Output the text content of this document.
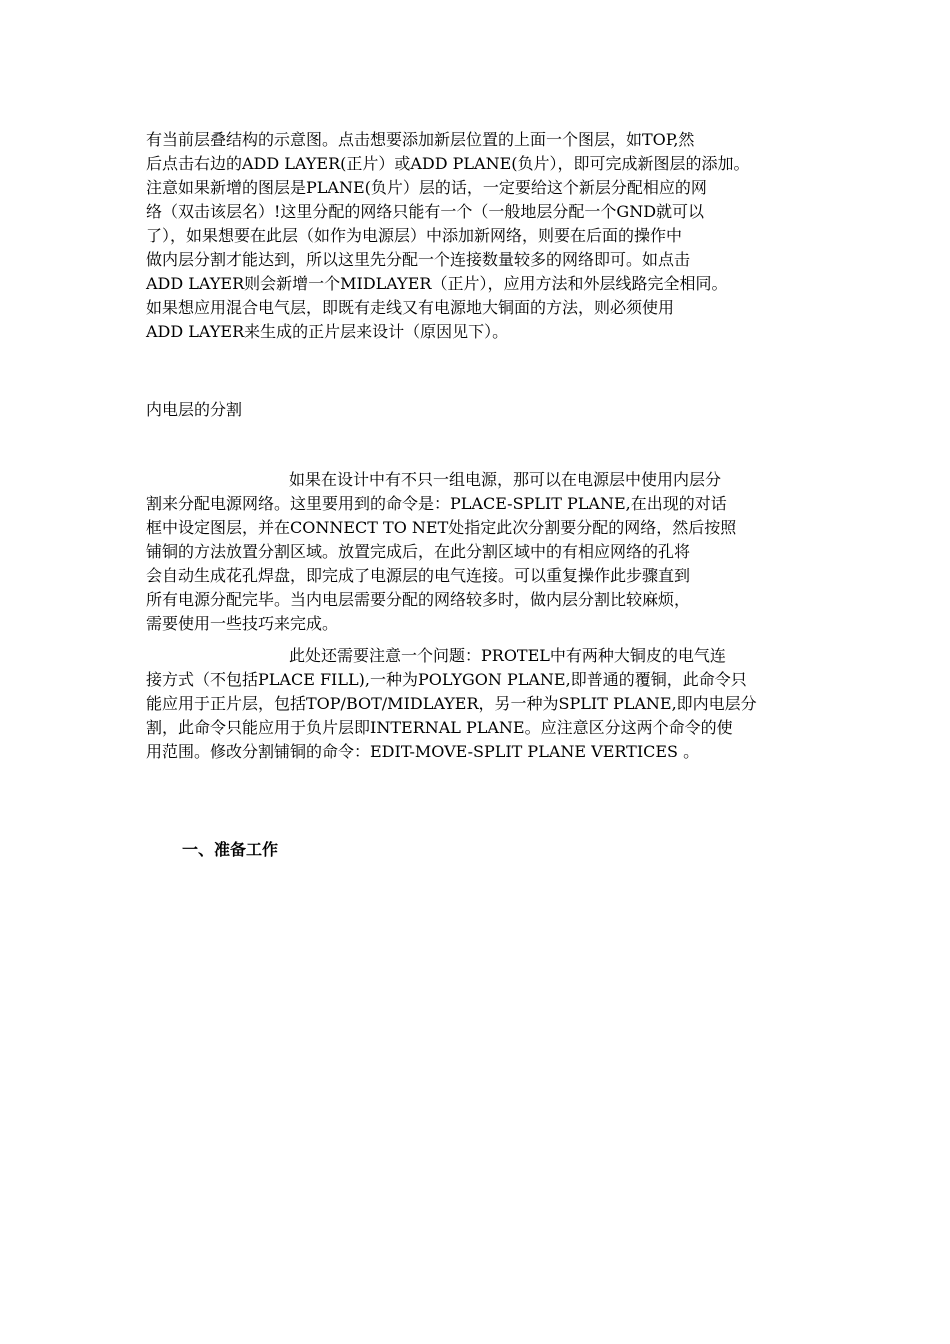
有当前层叠结构的示意图。点击想要添加新层位置的上面一个图层，如TOP,然
后点击右边的ADD LAYER(正片）或ADD PLANE(负片），即可完成新图层的添加。
注意如果新增的图层是PLANE(负片）层的话，一定要给这个新层分配相应的网
络（双击该层名）!这里分配的网络只能有一个（一般地层分配一个GND就可以
了），如果想要在此层（如作为电源层）中添加新网络，则要在后面的操作中
做内层分割才能达到，所以这里先分配一个连接数量较多的网络即可。如点击
ADD LAYER则会新增一个MIDLAYER（正片），应用方法和外层线路完全相同。
如果想应用混合电气层，即既有走线又有电源地大铜面的方法，则必须使用
ADD LAYER来生成的正片层来设计（原因见下）。
内电层的分割
如果在设计中有不只一组电源，那可以在电源层中使用内层分
割来分配电源网络。这里要用到的命令是：PLACE-SPLIT PLANE,在出现的对话
框中设定图层，并在CONNECT TO NET处指定此次分割要分配的网络，然后按照
铺铜的方法放置分割区域。放置完成后，在此分割区域中的有相应网络的孔将
会自动生成花孔焊盘，即完成了电源层的电气连接。可以重复操作此步骤直到
所有电源分配完毕。当内电层需要分配的网络较多时，做内层分割比较麻烦，
需要使用一些技巧来完成。
此处还需要注意一个问题：PROTEL中有两种大铜皮的电气连
接方式（不包括PLACE FILL),一种为POLYGON PLANE,即普通的覆铜，此命令只
能应用于正片层，包括TOP/BOT/MIDLAYER，另一种为SPLIT PLANE,即内电层分
割，此命令只能应用于负片层即INTERNAL PLANE。应注意区分这两个命令的使
用范围。修改分割铺铜的命令：EDIT-MOVE-SPLIT PLANE VERTICES 。
一、准备工作
